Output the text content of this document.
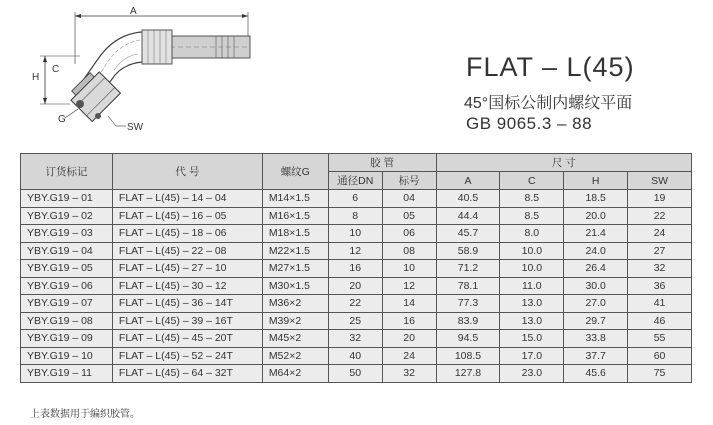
A
H
C
G
SW
FLAT – L(45)
45°国标公制内螺纹平面
GB 9065.3 – 88
订货标记	代 号	螺纹G	胶 管		尺 寸			
			通径DN	标号	A	C	H	SW
YBY.G19 – 01	FLAT – L(45) – 14 – 04	M14×1.5	6	04	40.5	8.5	18.5	19
YBY.G19 – 02	FLAT – L(45) – 16 – 05	M16×1.5	8	05	44.4	8.5	20.0	22
YBY.G19 – 03	FLAT – L(45) – 18 – 06	M18×1.5	10	06	45.7	8.0	21.4	24
YBY.G19 – 04	FLAT – L(45) – 22 – 08	M22×1.5	12	08	58.9	10.0	24.0	27
YBY.G19 – 05	FLAT – L(45) – 27 – 10	M27×1.5	16	10	71.2	10.0	26.4	32
YBY.G19 – 06	FLAT – L(45) – 30 – 12	M30×1.5	20	12	78.1	11.0	30.0	36
YBY.G19 – 07	FLAT – L(45) – 36 – 14T	M36×2	22	14	77.3	13.0	27.0	41
YBY.G19 – 08	FLAT – L(45) – 39 – 16T	M39×2	25	16	83.9	13.0	29.7	46
YBY.G19 – 09	FLAT – L(45) – 45 – 20T	M45×2	32	20	94.5	15.0	33.8	55
YBY.G19 – 10	FLAT – L(45) – 52 – 24T	M52×2	40	24	108.5	17.0	37.7	60
YBY.G19 – 11	FLAT – L(45) – 64 – 32T	M64×2	50	32	127.8	23.0	45.6	75
上表数据用于编织胶管。
